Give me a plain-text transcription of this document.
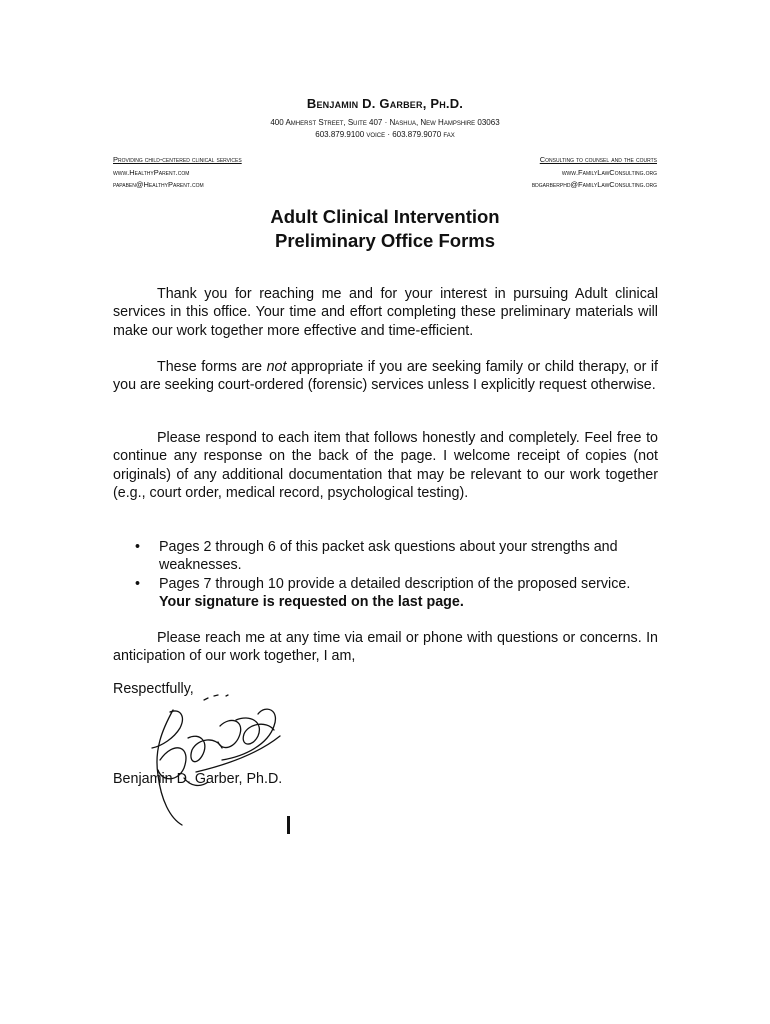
Benjamin D. Garber, Ph.D.
400 Amherst Street, Suite 407 · Nashua, New Hampshire 03063
603.879.9100 voice · 603.879.9070 fax
Providing child-centered clinical services
www.HealthyParent.com
papaben@HealthyParent.com
Consulting to counsel and the courts
www.FamilyLawConsulting.org
bdgarberphd@FamilyLawConsulting.org
Adult Clinical Intervention
Preliminary Office Forms

Thank you for reaching me and for your interest in pursuing Adult clinical services in this office. Your time and effort completing these preliminary materials will make our work together more effective and time-efficient.

These forms are not appropriate if you are seeking family or child therapy, or if you are seeking court-ordered (forensic) services unless I explicitly request otherwise.

Please respond to each item that follows honestly and completely. Feel free to continue any response on the back of the page. I welcome receipt of copies (not originals) of any additional documentation that may be relevant to our work together (e.g., court order, medical record, psychological testing).

• Pages 2 through 6 of this packet ask questions about your strengths and weaknesses.
• Pages 7 through 10 provide a detailed description of the proposed service.
Your signature is requested on the last page.

Please reach me at any time via email or phone with questions or concerns. In anticipation of our work together, I am,

Respectfully,
Benjamin D. Garber, Ph.D.
